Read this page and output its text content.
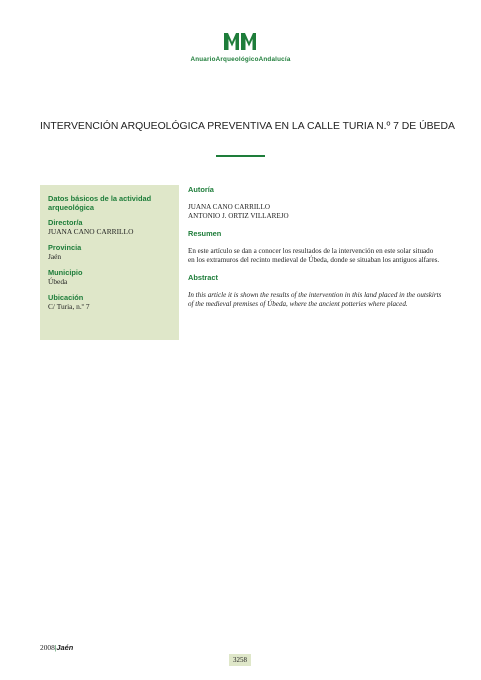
AnuarioArqueológicoAndalucía
INTERVENCIÓN ARQUEOLÓGICA PREVENTIVA EN LA CALLE TURIA N.º 7 DE ÚBEDA
Datos básicos de la actividad arqueológica
Director/a
JUANA CANO CARRILLO
Provincia
Jaén
Municipio
Úbeda
Ubicación
C/ Turia, n.º 7
Autoría
JUANA CANO CARRILLO
ANTONIO J. ORTIZ VILLAREJO
Resumen
En este artículo se dan a conocer los resultados de la intervención en este solar situado
en los extramuros del recinto medieval de Úbeda, donde se situaban los antiguos alfares.
Abstract
In this article it is shown the results of the intervention in this land placed in the outskirts
of the medieval premises of Úbeda, where the ancient potteries where placed.
2008|Jaén
3258
